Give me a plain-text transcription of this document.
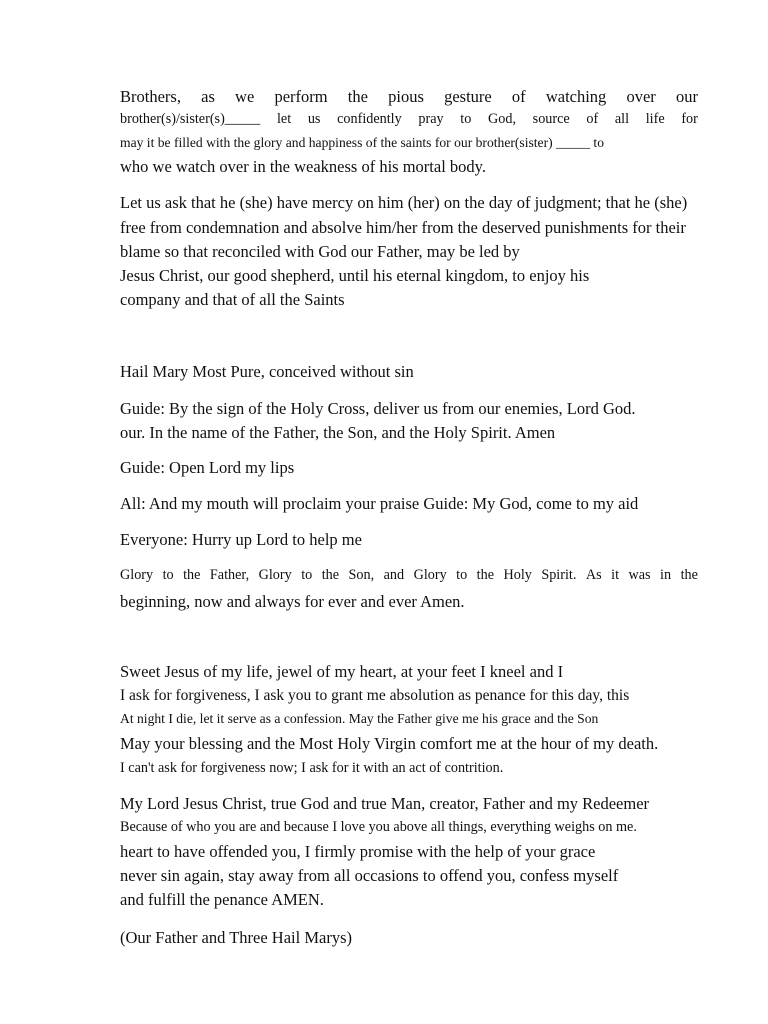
Brothers, as we perform the pious gesture of watching over our
brother(s)/sister(s)_____ let us confidently pray to God, source of all life for
may it be filled with the glory and happiness of the saints for our brother(sister) _____ to
who we watch over in the weakness of his mortal body.
Let us ask that he (she) have mercy on him (her) on the day of judgment; that he (she)
free from condemnation and absolve him/her from the deserved punishments for their
blame so that reconciled with God our Father, may be led by
Jesus Christ, our good shepherd, until his eternal kingdom, to enjoy his
company and that of all the Saints
Hail Mary Most Pure, conceived without sin
Guide: By the sign of the Holy Cross, deliver us from our enemies, Lord God.
our. In the name of the Father, the Son, and the Holy Spirit. Amen
Guide: Open Lord my lips
All: And my mouth will proclaim your praise Guide: My God, come to my aid
Everyone: Hurry up Lord to help me
Glory to the Father, Glory to the Son, and Glory to the Holy Spirit. As it was in the
beginning, now and always for ever and ever Amen.
Sweet Jesus of my life, jewel of my heart, at your feet I kneel and I
I ask for forgiveness, I ask you to grant me absolution as penance for this day, this
At night I die, let it serve as a confession. May the Father give me his grace and the Son
May your blessing and the Most Holy Virgin comfort me at the hour of my death.
I can't ask for forgiveness now; I ask for it with an act of contrition.
My Lord Jesus Christ, true God and true Man, creator, Father and my Redeemer
Because of who you are and because I love you above all things, everything weighs on me.
heart to have offended you, I firmly promise with the help of your grace
never sin again, stay away from all occasions to offend you, confess myself
and fulfill the penance AMEN.
(Our Father and Three Hail Marys)
